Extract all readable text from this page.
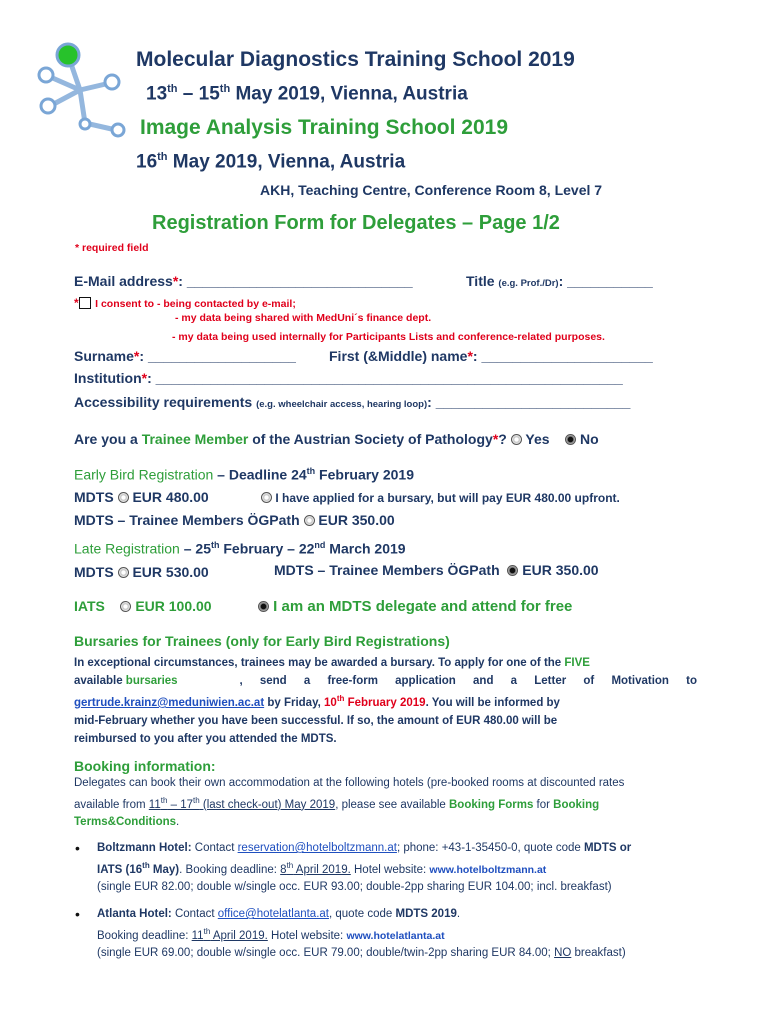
Molecular Diagnostics Training School 2019
13th – 15th May 2019, Vienna, Austria
Image Analysis Training School 2019
16th May 2019, Vienna, Austria
AKH, Teaching Centre, Conference Room 8, Level 7
Registration Form for Delegates – Page 1/2
* required field
E-Mail address*: _____________________________	Title (e.g. Prof./Dr): ___________
* I consent to - being contacted by e-mail;
- my data being shared with MedUni´s finance dept.
- my data being used internally for Participants Lists and conference-related purposes.
Surname*: ___________________ First (&Middle) name*: ______________________
Institution*: ____________________________________________________________
Accessibility requirements (e.g. wheelchair access, hearing loop): _________________________
Are you a Trainee Member of the Austrian Society of Pathology*?  Yes No
Early Bird Registration – Deadline 24th February 2019
MDTS EUR 480.00	I have applied for a bursary, but will pay EUR 480.00 upfront.
MDTS – Trainee Members ÖGPath EUR 350.00
Late Registration – 25th February – 22nd March 2019
MDTS EUR 530.00	MDTS – Trainee Members ÖGPath EUR 350.00
IATS EUR 100.00	I am an MDTS delegate and attend for free
Bursaries for Trainees (only for Early Bird Registrations)
In exceptional circumstances, trainees may be awarded a bursary. To apply for one of the FIVE
available bursaries	, send a free-form application and a Letter of Motivation to
gertrude.krainz@meduniwien.ac.at by Friday, 10th February 2019. You will be informed by
mid-February whether you have been successful. If so, the amount of EUR 480.00 will be
reimbursed to you after you attended the MDTS.
Booking information:
Delegates can book their own accommodation at the following hotels (pre-booked rooms at discounted rates
available from 11th – 17th (last check-out) May 2019, please see available Booking Forms for Booking
Terms&Conditions.
• Boltzmann Hotel: Contact reservation@hotelboltzmann.at; phone: +43-1-35450-0, quote code MDTS or
IATS (16th May). Booking deadline: 8th April 2019. Hotel website: www.hotelboltzmann.at
(single EUR 82.00; double w/single occ. EUR 93.00; double-2pp sharing EUR 104.00; incl. breakfast)
• Atlanta Hotel: Contact office@hotelatlanta.at, quote code MDTS 2019.
Booking deadline: 11th April 2019. Hotel website: www.hotelatlanta.at
(single EUR 69.00; double w/single occ. EUR 79.00; double/twin-2pp sharing EUR 84.00; NO breakfast)
